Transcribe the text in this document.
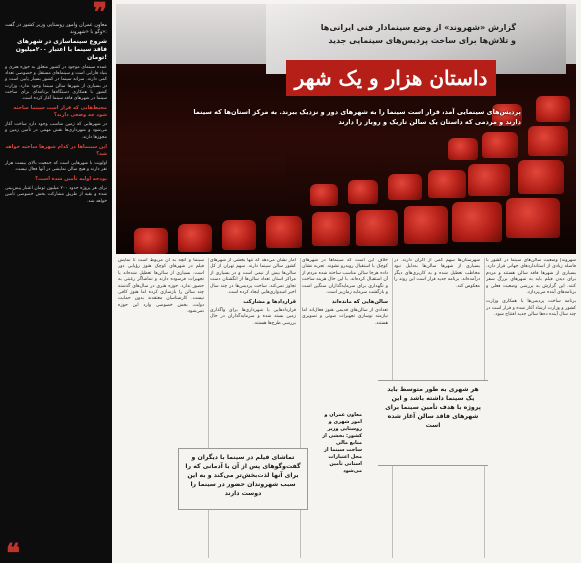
❞
معاون عمران وامور روستایی وزیر کشور در گفت وگو با «شهروند»:
شروع سینماسازی در شهرهای فاقد سینما با اعتبار ۲۰۰میلیون تومان!
عمده سینمای موجود در کشور متعلق به حوزه هنری و بنیاد فارابی است و سینماهای مستقل و خصوصی تعداد کمی دارند. سرانه سینما در کشور بسیار پایین است و در بسیاری از شهرها سالن سینما وجود ندارد. وزارت کشور با همکاری دستگاه‌ها برنامه‌ای برای ساخت سینما در شهرهای فاقد سینما آغاز کرده است.
محیط‌هایی که قرار است سینما ساخته شود چه وضعی دارند؟
در شهرهایی که زمین مناسب وجود دارد ساخت آغاز می‌شود و شهرداری‌ها نقش مهمی در تأمین زمین و مجوزها دارند.
این سینماها در کدام شهرها ساخته خواهد شد؟
اولویت با شهرهایی است که جمعیت بالای بیست هزار نفر دارند و هیچ سالن نمایشی در آنها فعال نیست.
بودجه اولیه تأمین شده است؟
برای هر پروژه حدود ۲۰۰ میلیون تومان اعتبار پیش‌بینی شده و بقیه از طریق مشارکت بخش خصوصی تأمین خواهد شد.
❝
گزارش «شهروند» از وضع سینمادار فنی ایرانی‌ها
و تلاش‌ها برای ساخت پردیس‌های سینمایی جدید
داستان هزار و یک شهر
پردیس‌های سینمایی آمد، قرار است سینما را به شهرهای دور و نزدیک ببرند. به مرکز استان‌ها که سینما دارند و مردمی که داستان یک سالن تاریک و روباز را دارند

سینما و آنچه به آن مربوط است تا نمایش فیلم در شهرهای کوچک هنوز رؤیایی دور است. بسیاری از سالن‌ها تعطیل شده‌اند یا تجهیزات فرسوده دارند و تماشاگر رغبتی به حضور ندارد. حوزه هنری در سال‌های گذشته چند سالن را بازسازی کرده اما هنوز کافی نیست. کارشناسان معتقدند بدون حمایت دولت، بخش خصوصی وارد این حوزه نمی‌شود.

آمار نشان می‌دهد که تنها بخشی از شهرهای کشور سالن سینما دارند. سهم تهران از کل سالن‌ها بیش از نیمی است و در بسیاری از مراکز استان تعداد سالن‌ها از انگشتان دست تجاوز نمی‌کند. ساخت پردیس‌ها در چند سال اخیر امیدواری‌هایی ایجاد کرده است.

قراردادها و مشارکت

قراردادهایی با شهرداری‌ها برای واگذاری زمین بسته شده و سرمایه‌گذاران در حال بررسی طرح‌ها هستند.

خلاف این است که سینماها در شهرهای کوچک با استقبال روبه‌رو نشوند. تجربه نشان داده هرجا سالن مناسب ساخته شده مردم از آن استقبال کرده‌اند. با این حال هزینه ساخت و نگهداری برای سرمایه‌گذاران سنگین است و بازگشت سرمایه زمان‌بر است.

سالن‌هایی که مانده‌اند

تعدادی از سالن‌های قدیمی هنوز فعال‌اند اما نیازمند نوسازی تجهیزات صوتی و تصویری هستند.

شهرستان‌ها سهم کمی از اکران دارند. در بسیاری از شهرها سالن‌ها به‌دلیل نبود مخاطب تعطیل شده و به کاربری‌های دیگر درآمده‌اند. برنامه جدید قرار است این روند را معکوس کند.

شهروند| وضعیت سالن‌های سینما در کشور با فاصله زیادی از استانداردهای جهانی قرار دارد. بسیاری از شهرها فاقد سالن هستند و مردم برای دیدن فیلم باید به شهرهای بزرگ سفر کنند. این گزارش به بررسی وضعیت فعلی و برنامه‌های آینده می‌پردازد.

برنامه ساخت پردیس‌ها با همکاری وزارت کشور و وزارت ارشاد آغاز شده و قرار است در چند سال آینده ده‌ها سالن جدید افتتاح شود.

معاون عمران و امور شهری و روستایی وزیر کشور: بخشی از منابع مالی ساخت سینما از محل اعتبارات استانی تأمین می‌شود
تماشای فیلم در سینما با دیگران و گفت‌وگوهای پس از آن با آدمانی که را برای آنها لذت‌بخش‌تر می‌کند و به این سبب شهروندان حضور در سینما را دوست دارند
هر شهری به طور متوسط باید یک سینما داشته باشد و این پروژه با هدف تأمین سینما برای شهرهای فاقد سالن آغاز شده است
